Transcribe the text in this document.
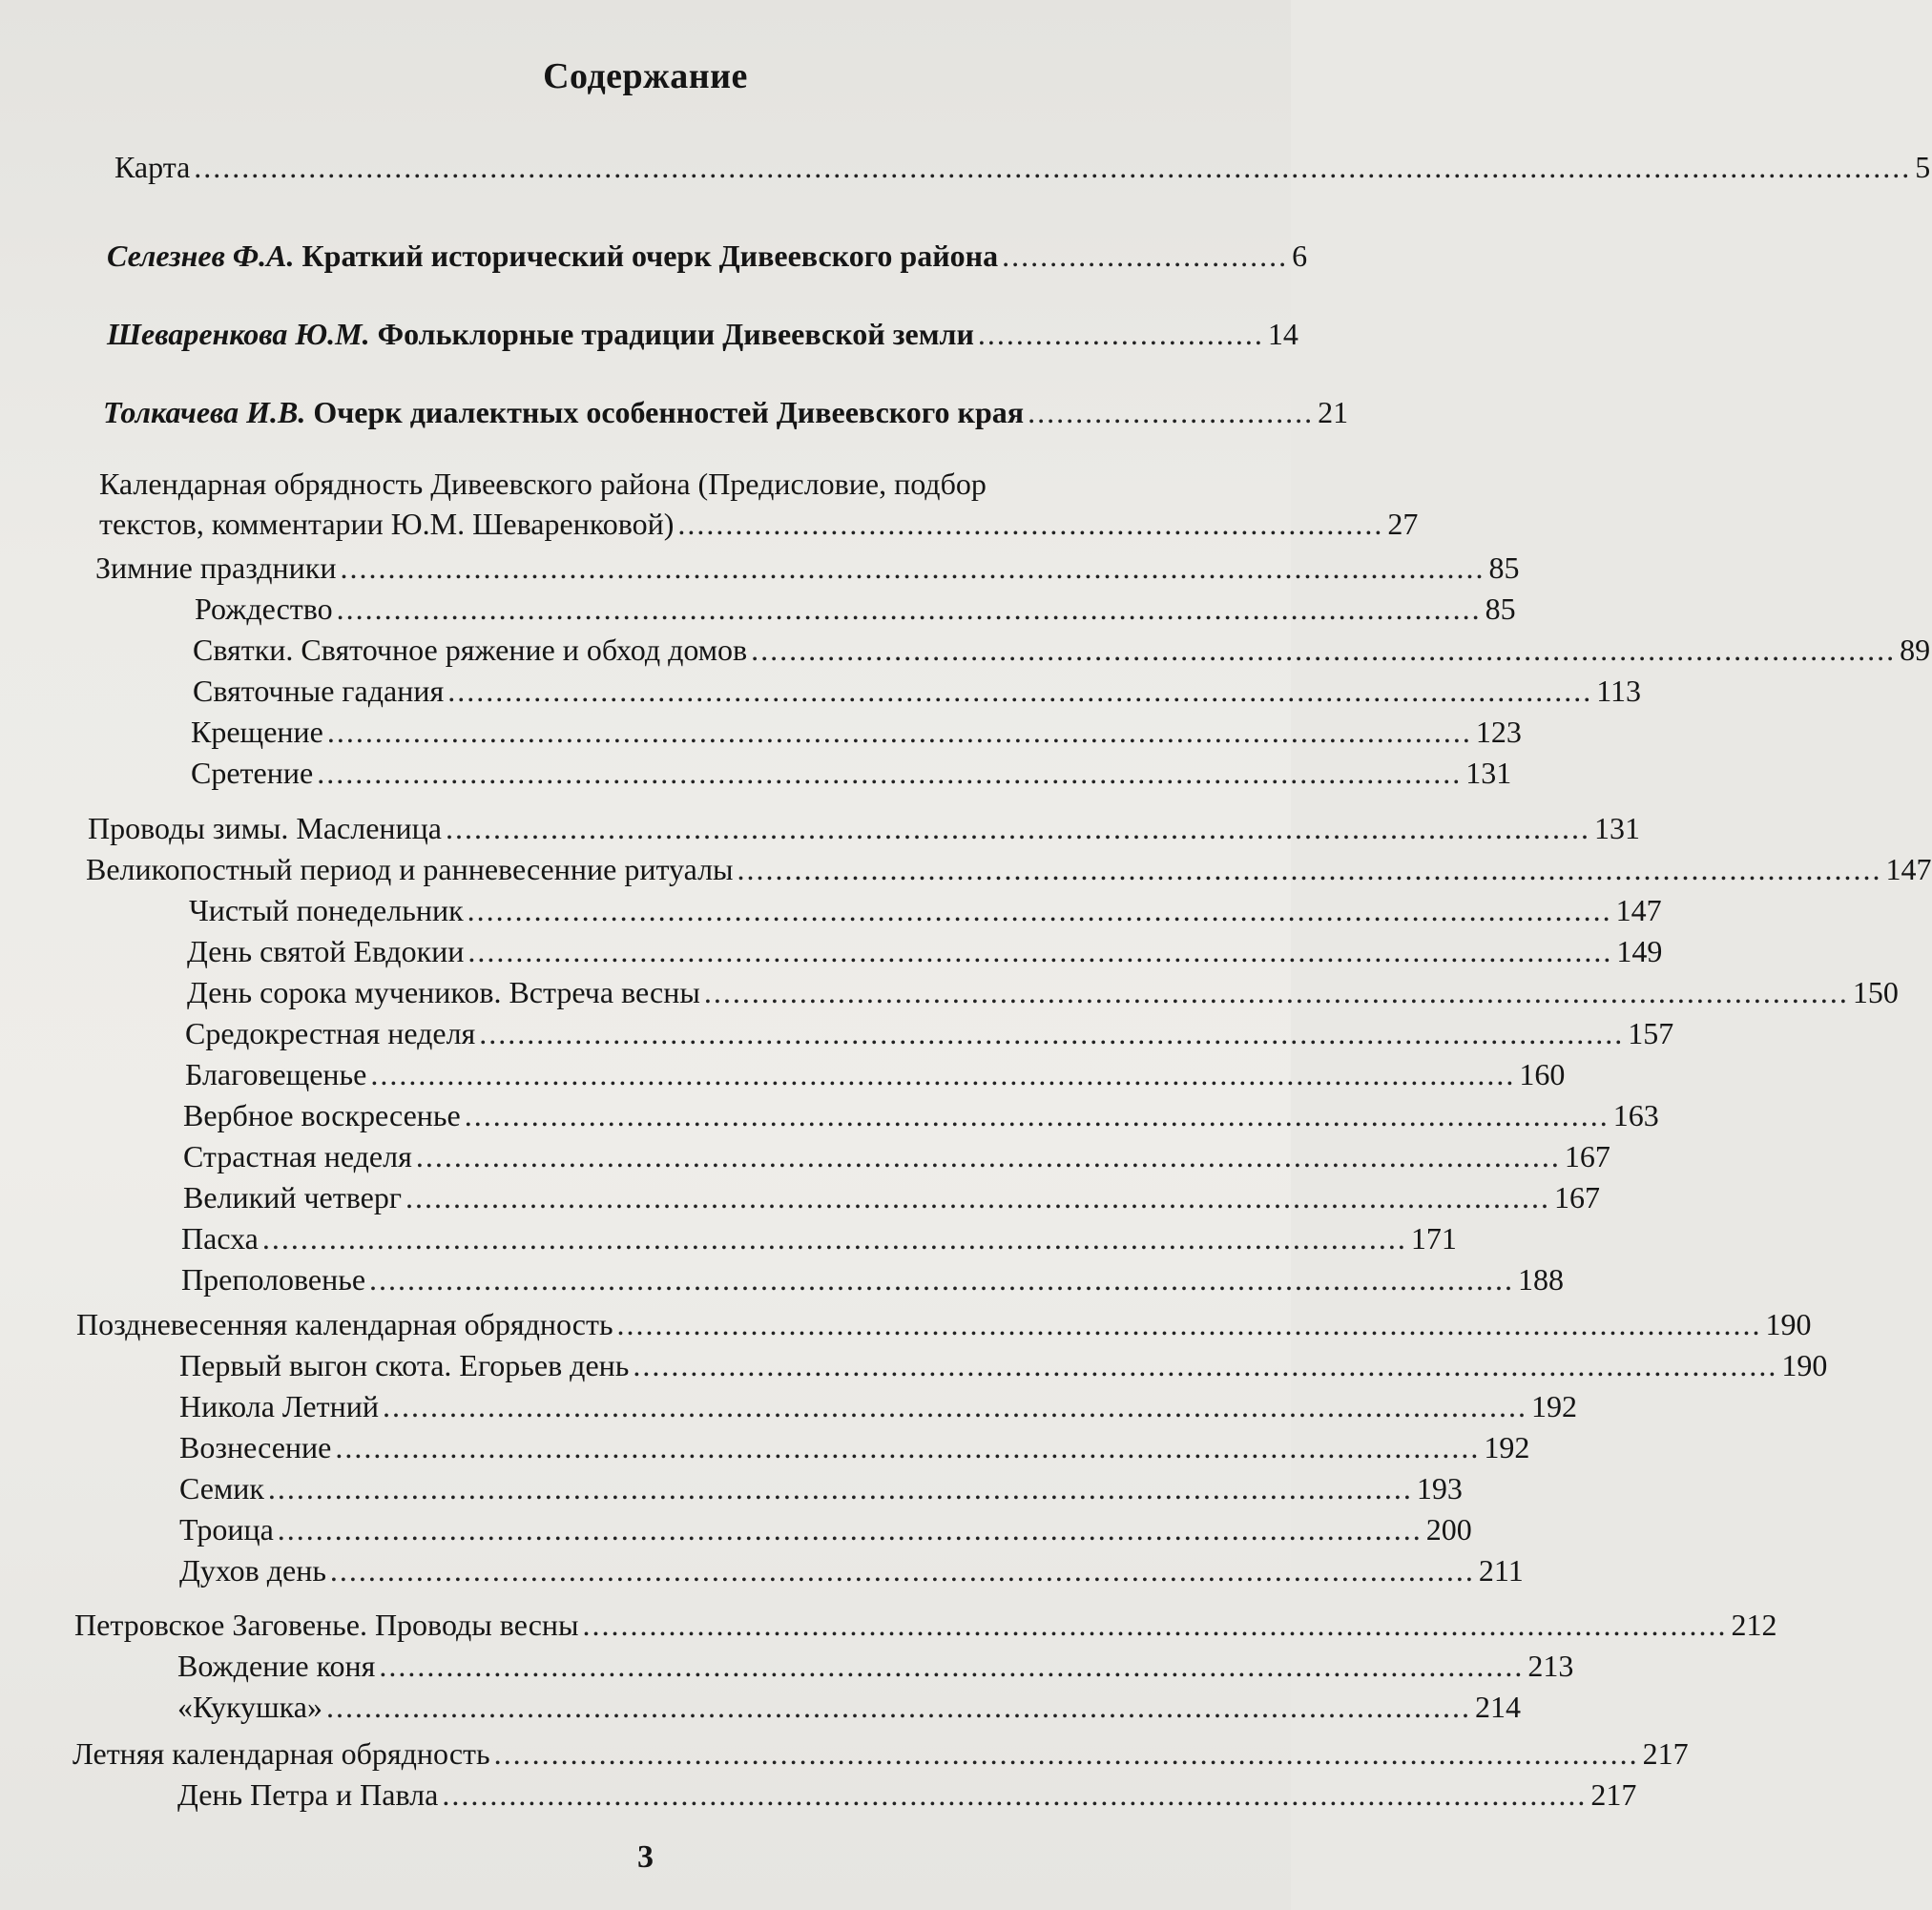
Содержание
Карта .................................................................................................................................................................................... 5
Селезнев Ф.А. Краткий исторический очерк Дивеевского района .............................. 6
Шеваренкова Ю.М. Фольклорные традиции Дивеевской земли .............................. 14
Толкачева И.В. Очерк диалектных особенностей Дивеевского края .............................. 21
Календарная обрядность Дивеевского района (Предисловие, подбор
текстов, комментарии Ю.М. Шеваренковой) .......................................................................... 27
Зимние праздники ........................................................................................................................ 85
Рождество ........................................................................................................................ 85
Святки. Святочное ряжение и обход домов ........................................................................................................................ 89
Святочные гадания ........................................................................................................................ 113
Крещение ........................................................................................................................ 123
Сретение ........................................................................................................................ 131
Проводы зимы. Масленица ........................................................................................................................ 131
Великопостный период и ранневесенние ритуалы ........................................................................................................................ 147
Чистый понедельник ........................................................................................................................ 147
День святой Евдокии ........................................................................................................................ 149
День сорока мучеников. Встреча весны ........................................................................................................................ 150
Средокрестная неделя ........................................................................................................................ 157
Благовещенье ........................................................................................................................ 160
Вербное воскресенье ........................................................................................................................ 163
Страстная неделя ........................................................................................................................ 167
Великий четверг ........................................................................................................................ 167
Пасха ........................................................................................................................ 171
Преполовенье ........................................................................................................................ 188
Поздневесенняя календарная обрядность ........................................................................................................................ 190
Первый выгон скота. Егорьев день ........................................................................................................................ 190
Никола Летний ........................................................................................................................ 192
Вознесение ........................................................................................................................ 192
Семик ........................................................................................................................ 193
Троица ........................................................................................................................ 200
Духов день ........................................................................................................................ 211
Петровское Заговенье. Проводы весны ........................................................................................................................ 212
Вождение коня ........................................................................................................................ 213
«Кукушка» ........................................................................................................................ 214
Летняя календарная обрядность ........................................................................................................................ 217
День Петра и Павла ........................................................................................................................ 217
3
